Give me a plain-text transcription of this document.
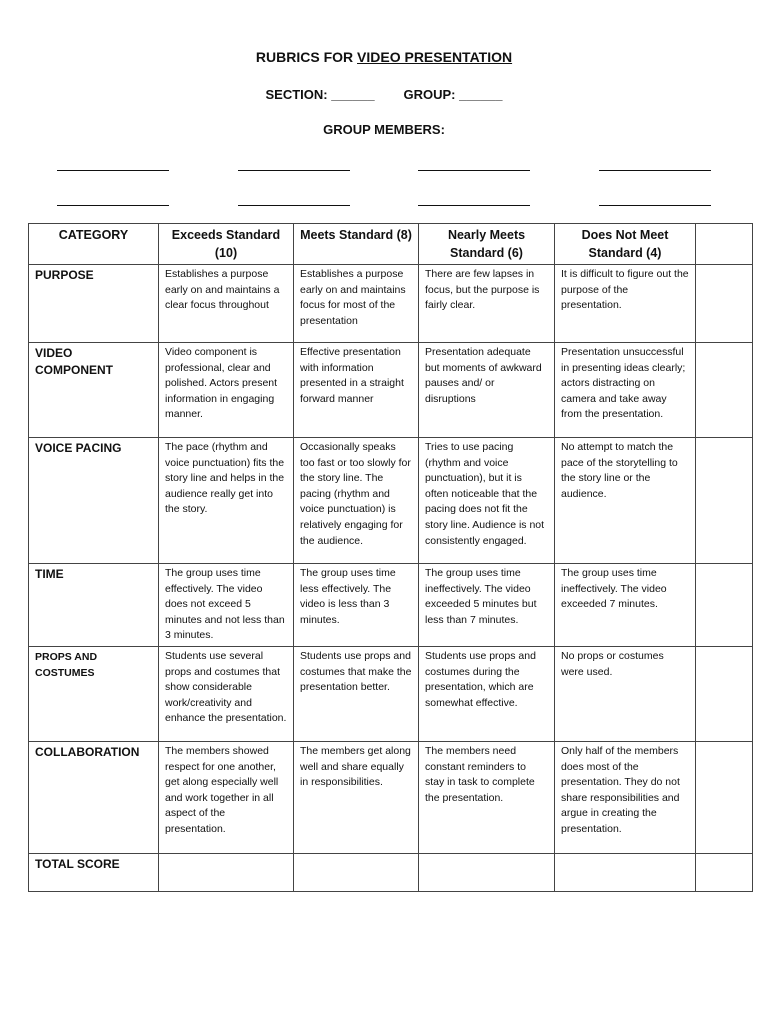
RUBRICS FOR VIDEO PRESENTATION
SECTION: ______        GROUP: ______
GROUP MEMBERS:
CATEGORY	Exceeds Standard (10)	Meets Standard (8)	Nearly Meets Standard (6)	Does Not Meet Standard (4)	
PURPOSE	Establishes a purpose early on and maintains a clear focus throughout	Establishes a purpose early on and maintains focus for most of the presentation	There are few lapses in focus, but the purpose is fairly clear.	It is difficult to figure out the purpose of the presentation.	
VIDEO COMPONENT	Video component is professional, clear and polished. Actors present information in engaging manner.	Effective presentation with information presented in a straight forward manner	Presentation adequate but moments of awkward pauses and/ or disruptions	Presentation unsuccessful in presenting ideas clearly; actors distracting on camera and take away from the presentation.	
VOICE PACING	The pace (rhythm and voice punctuation) fits the story line and helps in the audience really get into the story.	Occasionally speaks too fast or too slowly for the story line. The pacing (rhythm and voice punctuation) is relatively engaging for the audience.	Tries to use pacing (rhythm and voice punctuation), but it is often noticeable that the pacing does not fit the story line. Audience is not consistently engaged.	No attempt to match the pace of the storytelling to the story line or the audience.	
TIME	The group uses time effectively. The video does not exceed 5 minutes and not less than 3 minutes.	The group uses time less effectively. The video is less than 3 minutes.	The group uses time ineffectively. The video exceeded 5 minutes but less than 7 minutes.	The group uses time ineffectively. The video exceeded 7 minutes.	
PROPS AND COSTUMES	Students use several props and costumes that show considerable work/creativity and enhance the presentation.	Students use props and costumes that make the presentation better.	Students use props and costumes during the presentation, which are somewhat effective.	No props or costumes were used.	
COLLABORATION	The members showed respect for one another, get along especially well and work together in all aspect of the presentation.	The members get along well and share equally in responsibilities.	The members need constant reminders to stay in task to complete the presentation.	Only half of the members does most of the presentation. They do not share responsibilities and argue in creating the presentation.	
TOTAL SCORE					
